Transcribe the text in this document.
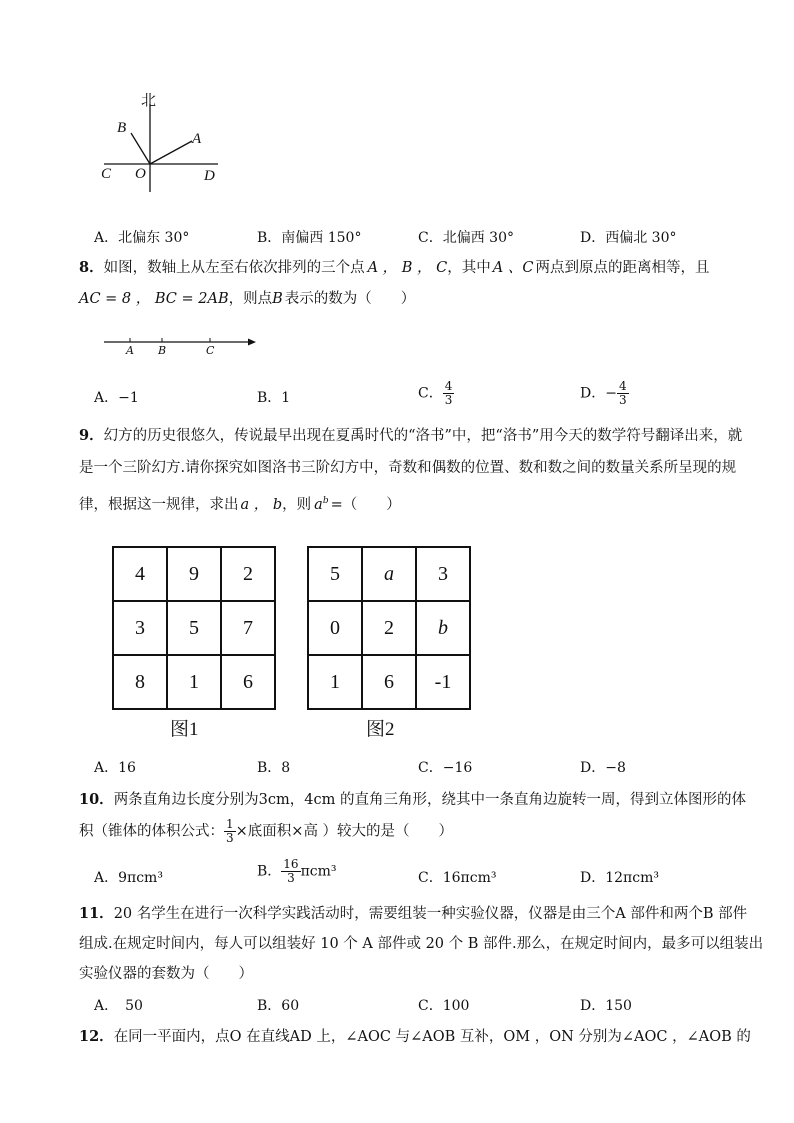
北
B
A
C O	D
A．北偏东 30°	B．南偏西 150°	C．北偏西 30°	D．西偏北 30°
8．如图，数轴上从左至右依次排列的三个点 A ， B ， C，其中 A 、C 两点到原点的距离相等，且
AC = 8 ， BC = 2AB，则点B 表示的数为（　　）
A B	C
A．−1	B．1	C． $\frac{4}{3}$	D．− $\frac{4}{3}$
9．幻方的历史很悠久，传说最早出现在夏禹时代的“洛书”中，把“洛书”用今天的数学符号翻译出来，就
是一个三阶幻方.请你探究如图洛书三阶幻方中，奇数和偶数的位置、数和数之间的数量关系所呈现的规
律，根据这一规律，求出 a ， b，则 $a^b$ =（　　）
4	9	2
3	5	7
8	1	6
图1
5	a	3
0	2	b
1	6	-1
图2
A．16	B．8	C．−16	D．−8
10．两条直角边长度分别为3cm，4cm 的直角三角形，绕其中一条直角边旋转一周，得到立体图形的体
积（锥体的体积公式： $\frac{1}{3}$ ×底面积×高 ）较大的是（　　）
A．9πcm³	B． $\frac{16}{3} \pi cm^3$	C．16πcm³	D．12πcm³
11．20 名学生在进行一次科学实践活动时，需要组装一种实验仪器，仪器是由三个A 部件和两个B 部件
组成.在规定时间内，每人可以组装好 10 个 A 部件或 20 个 B 部件.那么，在规定时间内，最多可以组装出
实验仪器的套数为（　　）
A．　50	B．60	C．100	D．150
12．在同一平面内，点O 在直线AD 上，∠AOC 与∠AOB 互补，OM ，ON 分别为∠AOC ，∠AOB 的
